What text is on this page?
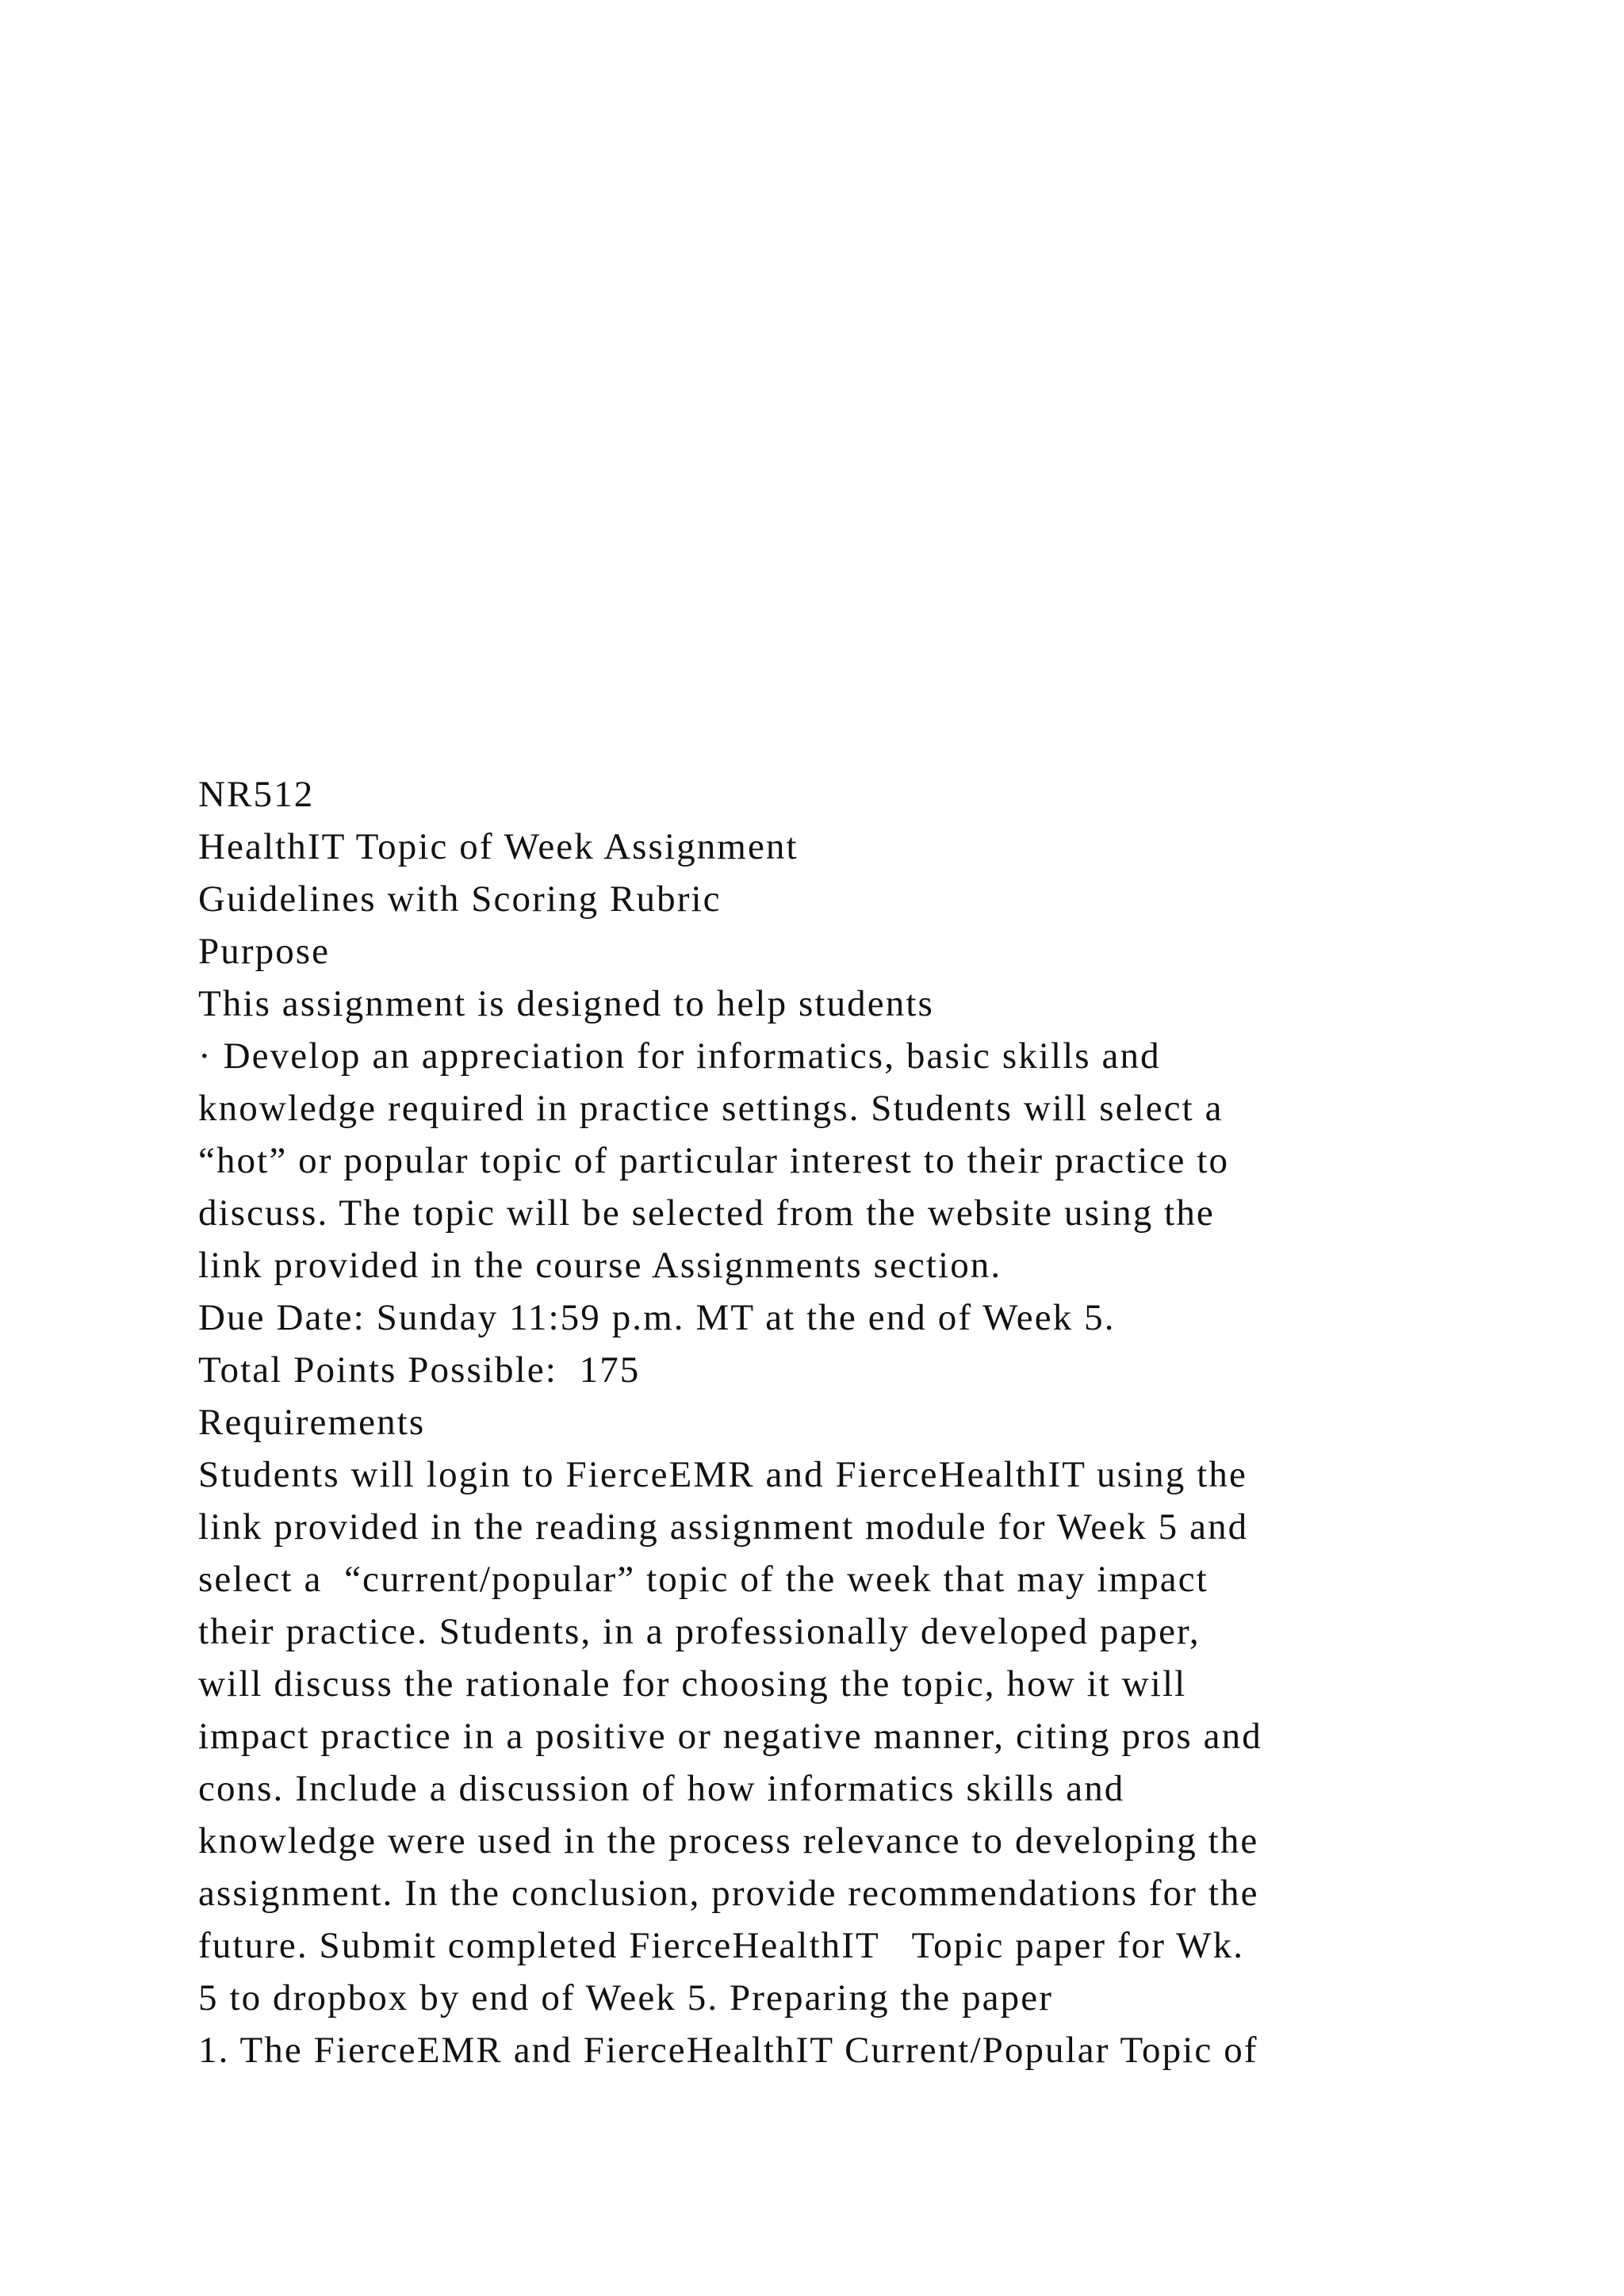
NR512
HealthIT Topic of Week Assignment
Guidelines with Scoring Rubric
Purpose
This assignment is designed to help students
· Develop an appreciation for informatics, basic skills and
knowledge required in practice settings. Students will select a
“hot” or popular topic of particular interest to their practice to
discuss. The topic will be selected from the website using the
link provided in the course Assignments section.
Due Date: Sunday 11:59 p.m. MT at the end of Week 5.
Total Points Possible:  175
Requirements
Students will login to FierceEMR and FierceHealthIT using the
link provided in the reading assignment module for Week 5 and
select a  “current/popular” topic of the week that may impact
their practice. Students, in a professionally developed paper,
will discuss the rationale for choosing the topic, how it will
impact practice in a positive or negative manner, citing pros and
cons. Include a discussion of how informatics skills and
knowledge were used in the process relevance to developing the
assignment. In the conclusion, provide recommendations for the
future. Submit completed FierceHealthIT   Topic paper for Wk.
5 to dropbox by end of Week 5. Preparing the paper
1. The FierceEMR and FierceHealthIT Current/Popular Topic of
